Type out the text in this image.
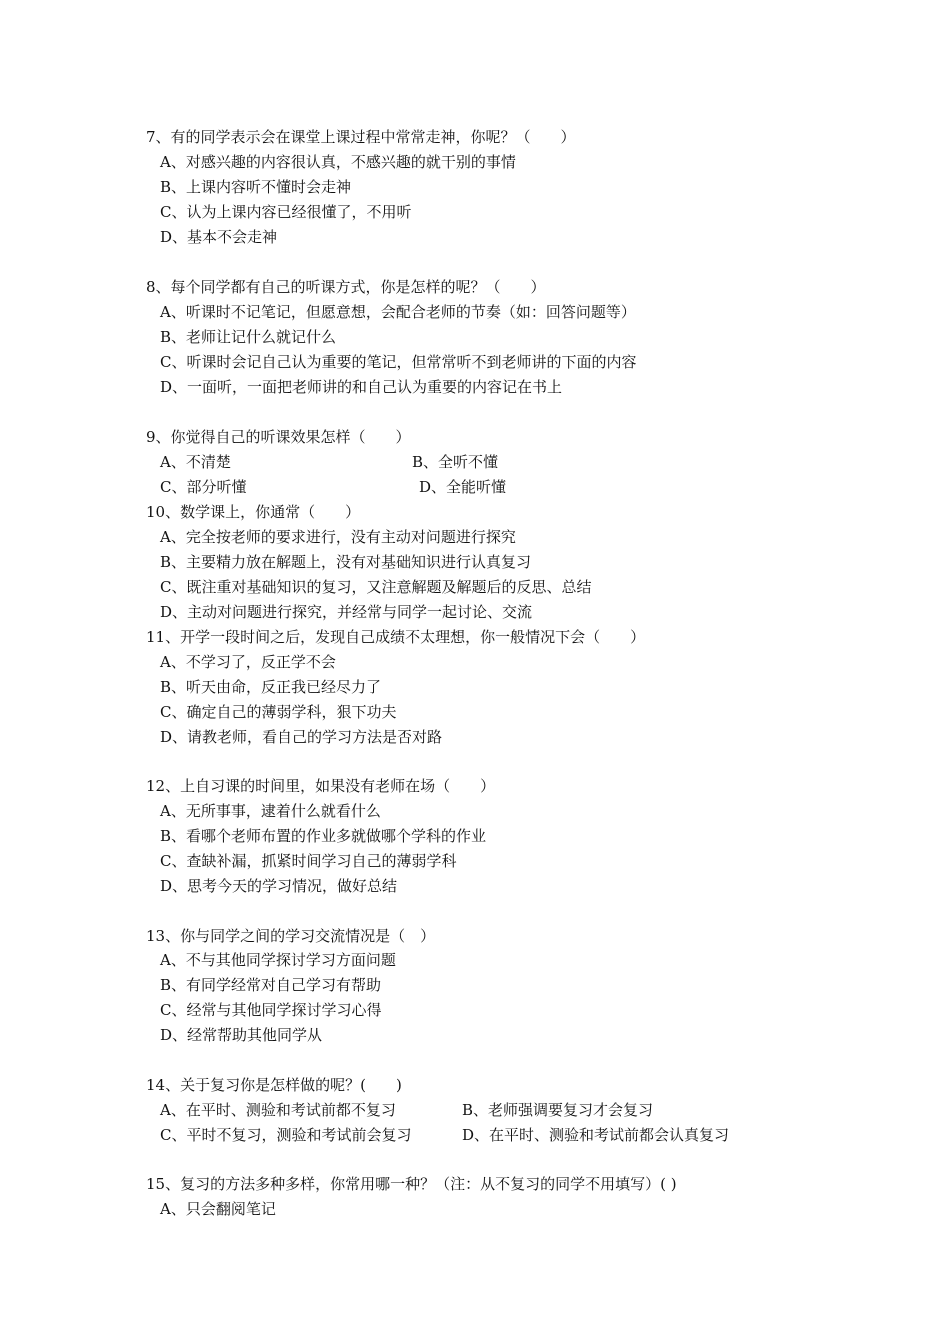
7、有的同学表示会在课堂上课过程中常常走神，你呢？（　　）
A、对感兴趣的内容很认真，不感兴趣的就干别的事情
B、上课内容听不懂时会走神
C、认为上课内容已经很懂了，不用听
D、基本不会走神
8、每个同学都有自己的听课方式，你是怎样的呢？（　　）
A、听课时不记笔记，但愿意想，会配合老师的节奏（如：回答问题等）
B、老师让记什么就记什么
C、听课时会记自己认为重要的笔记，但常常听不到老师讲的下面的内容
D、一面听，一面把老师讲的和自己认为重要的内容记在书上
9、你觉得自己的听课效果怎样（　　）
A、不清楚	B、全听不懂
C、部分听懂	D、全能听懂
10、数学课上，你通常（　　）
A、完全按老师的要求进行，没有主动对问题进行探究
B、主要精力放在解题上，没有对基础知识进行认真复习
C、既注重对基础知识的复习，又注意解题及解题后的反思、总结
D、主动对问题进行探究，并经常与同学一起讨论、交流
11、开学一段时间之后，发现自己成绩不太理想，你一般情况下会（　　）
A、不学习了，反正学不会
B、听天由命，反正我已经尽力了
C、确定自己的薄弱学科，狠下功夫
D、请教老师，看自己的学习方法是否对路
12、上自习课的时间里，如果没有老师在场（　　）
A、无所事事，逮着什么就看什么
B、看哪个老师布置的作业多就做哪个学科的作业
C、查缺补漏，抓紧时间学习自己的薄弱学科
D、思考今天的学习情况，做好总结
13、你与同学之间的学习交流情况是（　）
A、不与其他同学探讨学习方面问题
B、有同学经常对自己学习有帮助
C、经常与其他同学探讨学习心得
D、经常帮助其他同学从
14、关于复习你是怎样做的呢？(　　)
A、在平时、测验和考试前都不复习	B、老师强调要复习才会复习
C、平时不复习，测验和考试前会复习	D、在平时、测验和考试前都会认真复习
15、复习的方法多种多样，你常用哪一种？（注：从不复习的同学不用填写）( )
A、只会翻阅笔记
